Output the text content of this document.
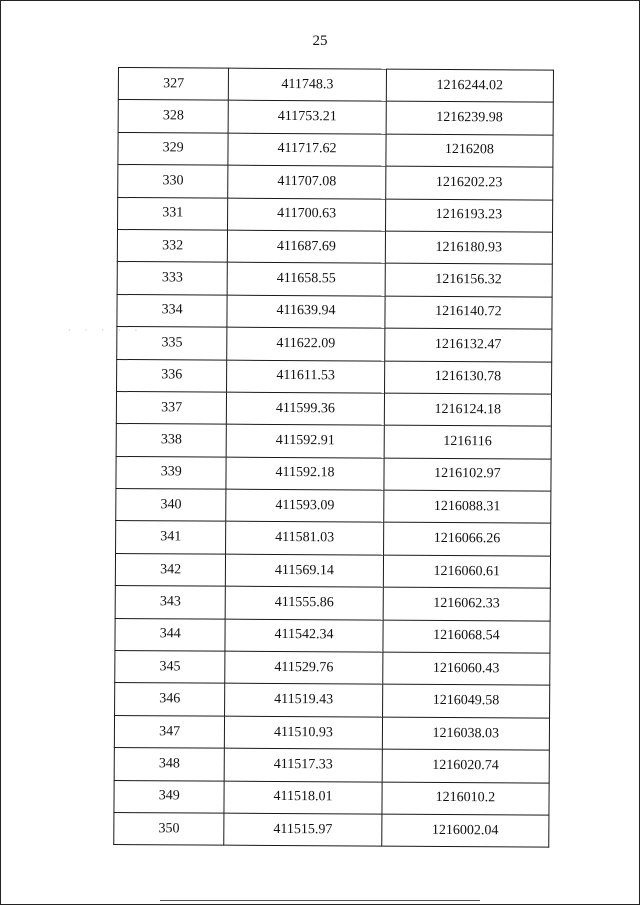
25
· · · · ·
327	411748.3	1216244.02
328	411753.21	1216239.98
329	411717.62	1216208
330	411707.08	1216202.23
331	411700.63	1216193.23
332	411687.69	1216180.93
333	411658.55	1216156.32
334	411639.94	1216140.72
335	411622.09	1216132.47
336	411611.53	1216130.78
337	411599.36	1216124.18
338	411592.91	1216116
339	411592.18	1216102.97
340	411593.09	1216088.31
341	411581.03	1216066.26
342	411569.14	1216060.61
343	411555.86	1216062.33
344	411542.34	1216068.54
345	411529.76	1216060.43
346	411519.43	1216049.58
347	411510.93	1216038.03
348	411517.33	1216020.74
349	411518.01	1216010.2
350	411515.97	1216002.04
